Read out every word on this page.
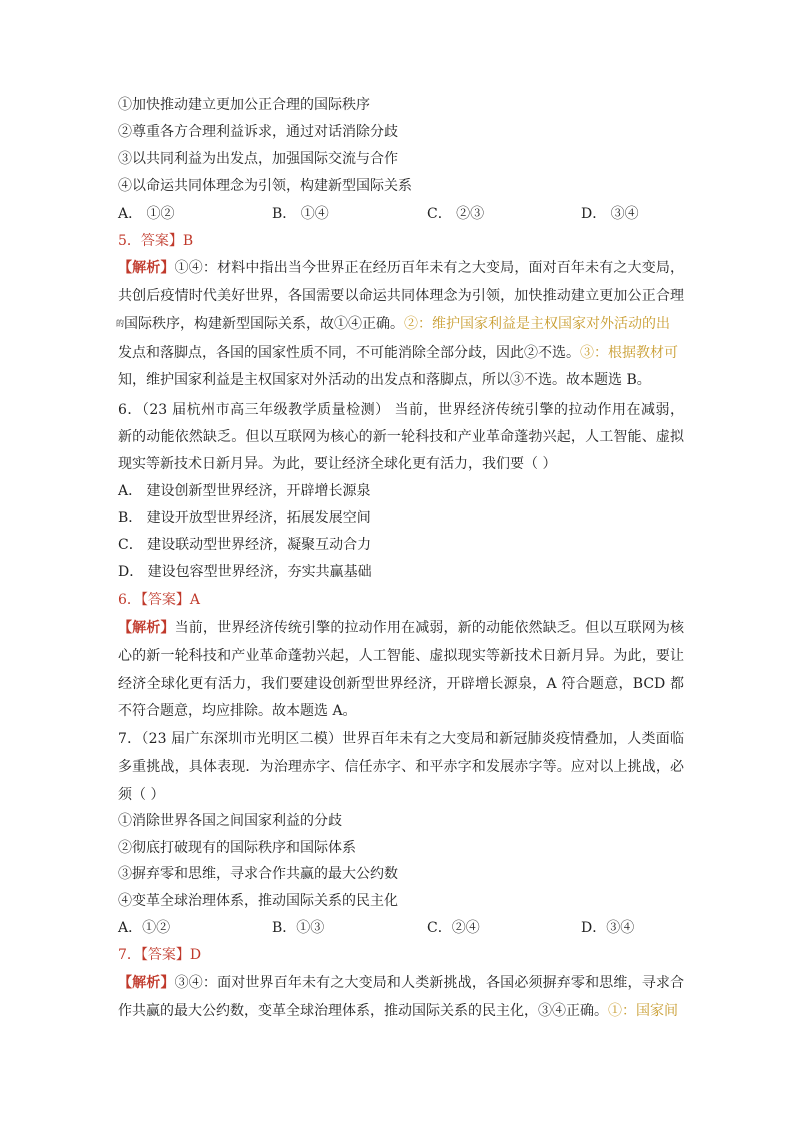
①加快推动建立更加公正合理的国际秩序
②尊重各方合理利益诉求，通过对话消除分歧
③以共同利益为出发点，加强国际交流与合作
④以命运共同体理念为引领，构建新型国际关系
A． ①②	B． ①④	C． ②③	D． ③④
5．答案】B
【解析】①④：材料中指出当今世界正在经历百年未有之大变局，面对百年未有之大变局，
共创后疫情时代美好世界，各国需要以命运共同体理念为引领，加快推动建立更加公正合理
$^的$国际秩序，构建新型国际关系，故①④正确。②：维护国家利益是主权国家对外活动的出
发点和落脚点，各国的国家性质不同，不可能消除全部分歧，因此②不选。③：根据教材可
知，维护国家利益是主权国家对外活动的出发点和落脚点，所以③不选。故本题选 B。
6．（23 届杭州市高三年级教学质量检测） 当前，世界经济传统引擎的拉动作用在减弱，
新的动能依然缺乏。但以互联网为核心的新一轮科技和产业革命蓬勃兴起，人工智能、虚拟
现实等新技术日新月异。为此，要让经济全球化更有活力，我们要（ ）
A． 建设创新型世界经济，开辟增长源泉
B． 建设开放型世界经济，拓展发展空间
C． 建设联动型世界经济，凝聚互动合力
D． 建设包容型世界经济，夯实共赢基础
6．【答案】A
【解析】当前，世界经济传统引擎的拉动作用在减弱，新的动能依然缺乏。但以互联网为核
心的新一轮科技和产业革命蓬勃兴起，人工智能、虚拟现实等新技术日新月异。为此，要让
经济全球化更有活力，我们要建设创新型世界经济，开辟增长源泉，A 符合题意，BCD 都
不符合题意，均应排除。故本题选 A。
7．（23 届广东深圳市光明区二模）世界百年未有之大变局和新冠肺炎疫情叠加，人类面临
多重挑战，具体表现．为治理赤字、信任赤字、和平赤字和发展赤字等。应对以上挑战，必
须（ ）
①消除世界各国之间国家利益的分歧
②彻底打破现有的国际秩序和国际体系
③摒弃零和思维，寻求合作共赢的最大公约数
④变革全球治理体系，推动国际关系的民主化
A．①②	B．①③	C．②④	D．③④
7．【答案】D
【解析】③④：面对世界百年未有之大变局和人类新挑战，各国必须摒弃零和思维，寻求合
作共赢的最大公约数，变革全球治理体系，推动国际关系的民主化，③④正确。①：国家间
